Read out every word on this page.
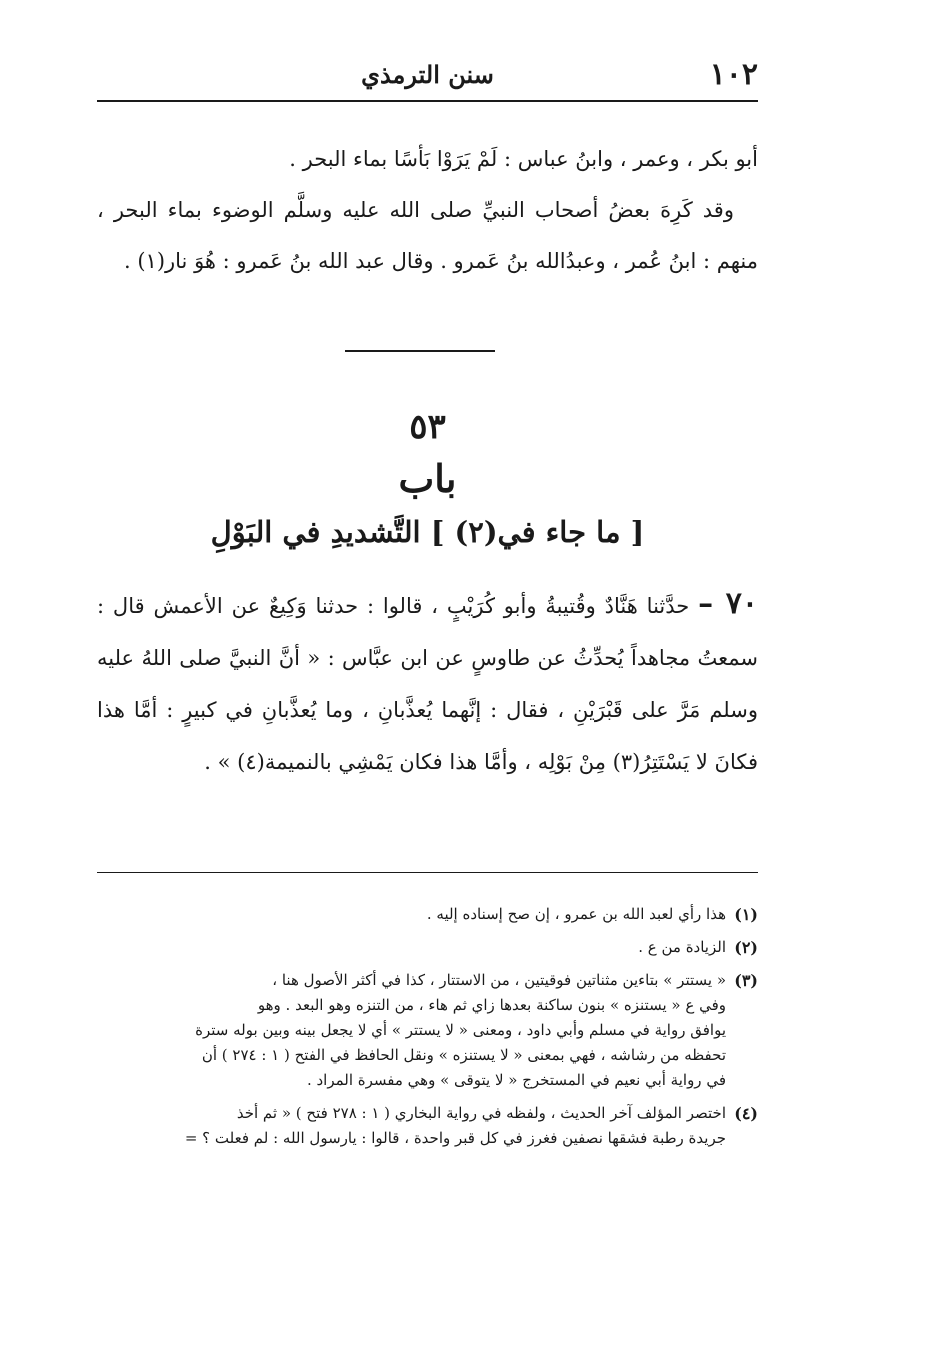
١٠٢
سنن الترمذي

أبو بكر ، وعمر ، وابنُ عباس : لَمْ يَرَوْا بَأسًا بماء البحر .

وقد كَرِهَ بعضُ أصحاب النبيِّ صلى الله عليه وسلَّم الوضوء بماء البحر ، منهم : ابنُ عُمر ، وعبدُالله بنُ عَمرو . وقال عبد الله بنُ عَمرو : هُوَ نار(١) .

٥٣
باب
[ ما جاء في(٢) ] التَّشديدِ في البَوْلِ

٧٠ – حدَّثنا هَنَّادٌ وقُتيبةُ وأبو كُرَيْبٍ ، قالوا : حدثنا وَكِيعٌ عن الأعمش قال : سمعتُ مجاهداً يُحدِّثُ عن طاوسٍ عن ابن عبَّاس : « أنَّ النبيَّ صلى اللهُ عليه وسلم مَرَّ على قَبْرَيْنِ ، فقال : إنَّهما يُعذَّبانِ ، وما يُعذَّبانِ في كبيرٍ : أمَّا هذا فكانَ لا يَسْتَتِرُ(٣) مِنْ بَوْلِه ، وأمَّا هذا فكان يَمْشِي بالنميمة(٤) » .

(١)
هذا رأي لعبد الله بن عمرو ، إن صح إسناده إليه .
(٢)
الزيادة من ع .
(٣)
« يستتر » بتاءين مثناتين فوقيتين ، من الاستتار ، كذا في أكثر الأصول هنا ،
وفي ع « يستنزه » بنون ساكنة بعدها زاي ثم هاء ، من التنزه وهو البعد . وهو
يوافق رواية في مسلم وأبي داود ، ومعنى « لا يستتر » أي لا يجعل بينه وبين بوله سترة
تحفظه من رشاشه ، فهي بمعنى « لا يستنزه » ونقل الحافظ في الفتح ( ١ : ٢٧٤ ) أن
في رواية أبي نعيم في المستخرج « لا يتوقى » وهي مفسرة المراد .
(٤)
اختصر المؤلف آخر الحديث ، ولفظه في رواية البخاري ( ١ : ٢٧٨ فتح ) « ثم أخذ
جريدة رطبة فشقها نصفين فغرز في كل قبر واحدة ، قالوا : يارسول الله : لم فعلت ؟ =
